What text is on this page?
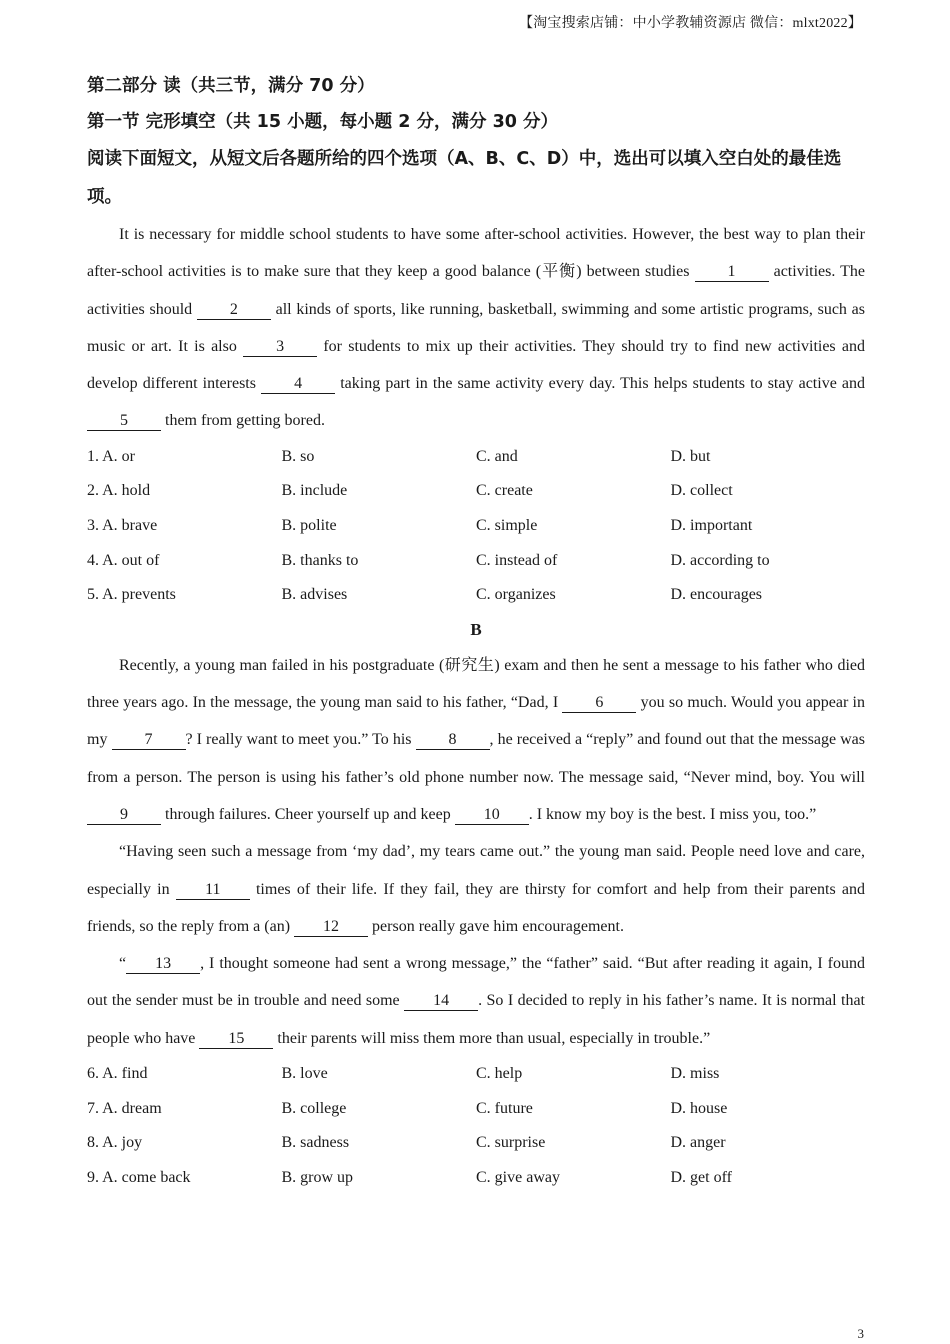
【淘宝搜索店铺：中小学教辅资源店 微信：mlxt2022】

第二部分 读（共三节，满分 70 分）

第一节 完形填空（共 15 小题，每小题 2 分，满分 30 分）

阅读下面短文，从短文后各题所给的四个选项（A、B、C、D）中，选出可以填入空白处的最佳选项。

It is necessary for middle school students to have some after-school activities. However, the best way to plan their after-school activities is to make sure that they keep a good balance (平衡) between studies 1 activities. The activities should 2 all kinds of sports, like running, basketball, swimming and some artistic programs, such as music or art. It is also 3 for students to mix up their activities. They should try to find new activities and develop different interests 4 taking part in the same activity every day. This helps students to stay active and 5 them from getting bored.

1. A. or	B. so	C. and	D. but
2. A. hold	B. include	C. create	D. collect
3. A. brave	B. polite	C. simple	D. important
4. A. out of	B. thanks to	C. instead of	D. according to
5. A. prevents	B. advises	C. organizes	D. encourages

B

Recently, a young man failed in his postgraduate (研究生) exam and then he sent a message to his father who died three years ago. In the message, the young man said to his father, “Dad, I 6 you so much. Would you appear in my 7 ? I really want to meet you.” To his 8 , he received a “reply” and found out that the message was from a person. The person is using his father’s old phone number now. The message said, “Never mind, boy. You will 9 through failures. Cheer yourself up and keep 10 . I know my boy is the best. I miss you, too.”

“Having seen such a message from ‘my dad’, my tears came out.” the young man said. People need love and care, especially in 11 times of their life. If they fail, they are thirsty for comfort and help from their parents and friends, so the reply from a (an) 12 person really gave him encouragement.

“ 13 , I thought someone had sent a wrong message,” the “father” said. “But after reading it again, I found out the sender must be in trouble and need some 14 . So I decided to reply in his father’s name. It is normal that people who have 15 their parents will miss them more than usual, especially in trouble.”

6. A. find	B. love	C. help	D. miss
7. A. dream	B. college	C. future	D. house
8. A. joy	B. sadness	C. surprise	D. anger
9. A. come back	B. grow up	C. give away	D. get off
3
